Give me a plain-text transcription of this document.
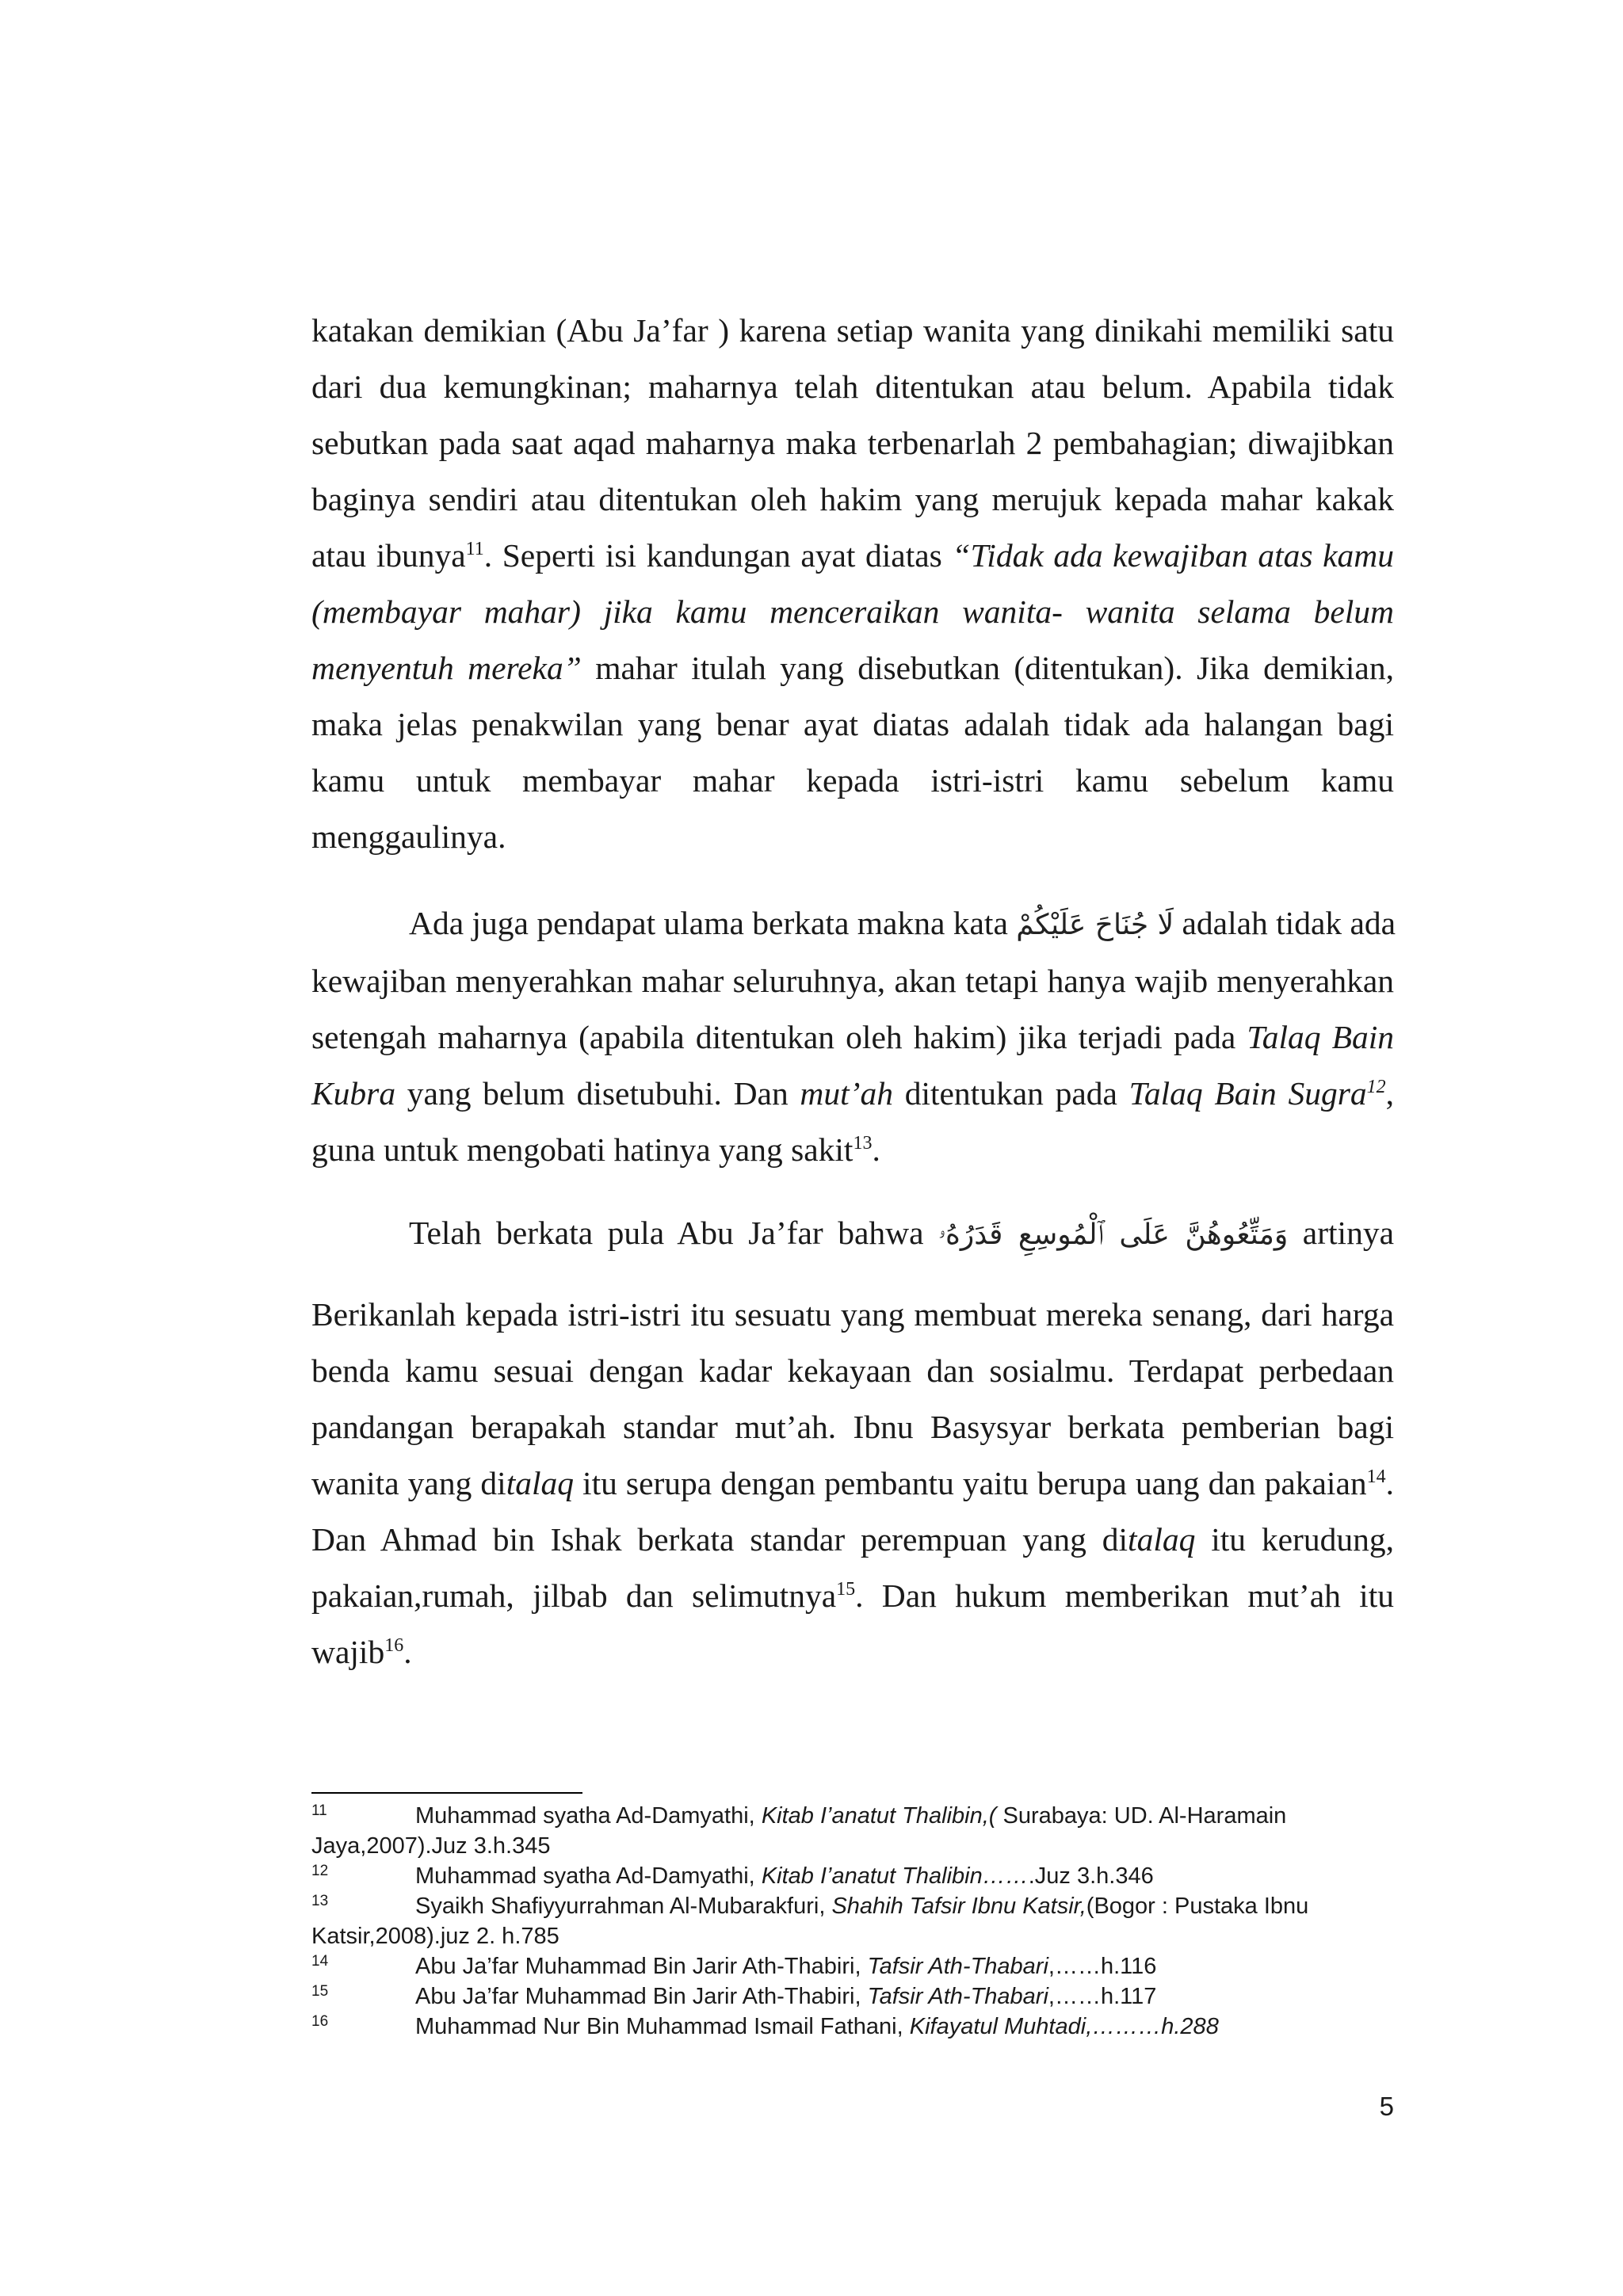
katakan demikian (Abu Ja’far ) karena setiap wanita yang dinikahi memiliki satu
dari dua kemungkinan; maharnya telah ditentukan atau belum. Apabila tidak
sebutkan pada saat aqad maharnya maka terbenarlah 2 pembahagian; diwajibkan
baginya sendiri atau ditentukan oleh hakim yang merujuk kepada mahar kakak
atau ibunya$^{11}$. Seperti isi kandungan ayat diatas “Tidak ada kewajiban atas kamu
(membayar mahar) jika kamu menceraikan wanita- wanita selama belum
menyentuh mereka” mahar itulah yang disebutkan (ditentukan). Jika demikian,
maka jelas penakwilan yang benar ayat diatas adalah tidak ada halangan bagi
kamu untuk membayar mahar kepada istri-istri kamu sebelum kamu
menggaulinya.
Ada juga pendapat ulama berkata makna kata لَا جُنَاحَ عَلَيْكُمْ adalah tidak ada
kewajiban menyerahkan mahar seluruhnya, akan tetapi hanya wajib menyerahkan
setengah maharnya (apabila ditentukan oleh hakim) jika terjadi pada Talaq Bain
Kubra yang belum disetubuhi. Dan mut’ah ditentukan pada Talaq Bain Sugra$^{12}$,
guna untuk mengobati hatinya yang sakit$^{13}$.
Telah berkata pula Abu Ja’far bahwa وَمَتِّعُوهُنَّ عَلَى ٱلْمُوسِعِ قَدَرُهُۥ artinya
Berikanlah kepada istri-istri itu sesuatu yang membuat mereka senang, dari harga
benda kamu sesuai dengan kadar kekayaan dan sosialmu. Terdapat perbedaan
pandangan berapakah standar mut’ah. Ibnu Basysyar berkata pemberian bagi
wanita yang ditalaq itu serupa dengan pembantu yaitu berupa uang dan pakaian$^{14}$.
Dan Ahmad bin Ishak berkata standar perempuan yang ditalaq itu kerudung,
pakaian,rumah, jilbab dan selimutnya$^{15}$. Dan hukum memberikan mut’ah itu
wajib$^{16}$.
11	Muhammad syatha Ad-Damyathi, Kitab I’anatut Thalibin,( Surabaya: UD. Al-Haramain
Jaya,2007).Juz 3.h.345
12	Muhammad syatha Ad-Damyathi, Kitab I’anatut Thalibin…….Juz 3.h.346
13	Syaikh Shafiyyurrahman Al-Mubarakfuri, Shahih Tafsir Ibnu Katsir,(Bogor : Pustaka Ibnu
Katsir,2008).juz 2. h.785
14	Abu Ja’far Muhammad Bin Jarir Ath-Thabiri, Tafsir Ath-Thabari,……h.116
15	Abu Ja’far Muhammad Bin Jarir Ath-Thabiri, Tafsir Ath-Thabari,……h.117
16	Muhammad Nur Bin Muhammad Ismail Fathani, Kifayatul Muhtadi,………h.288
5
